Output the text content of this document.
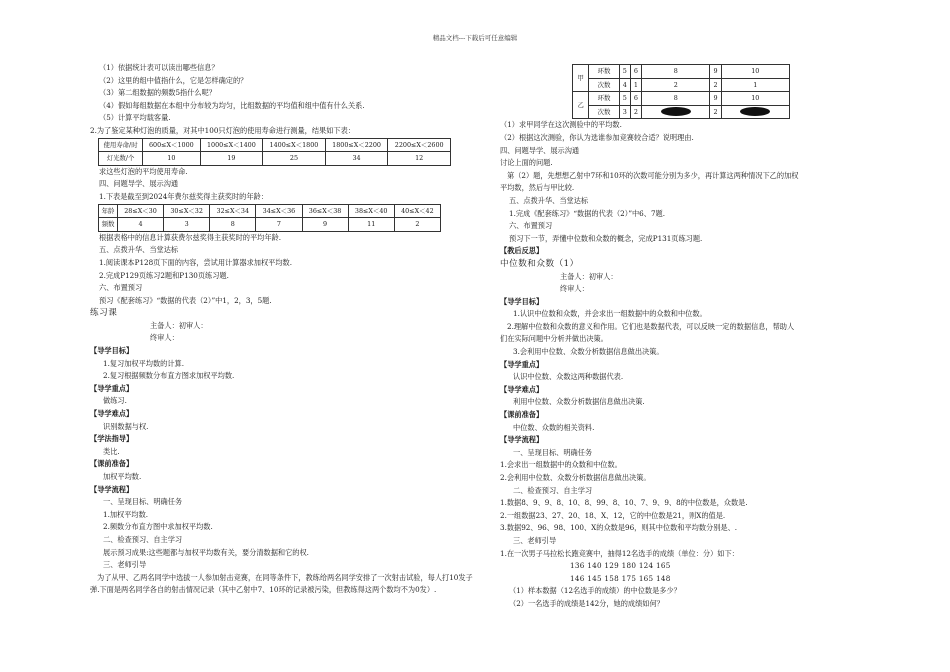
精品文档---下载后可任意编辑

（1）依据统计表可以读出哪些信息？

（2）这里的组中值指什么，它是怎样确定的？

（3）第二组数据的频数5指什么呢？

（4）假如每组数据在本组中分布较为均匀，比组数据的平均值和组中值有什么关系.

（5）计算平均载客量.

2.为了鉴定某种灯泡的质量，对其中100只灯泡的使用寿命进行测量，结果如下表：

使用寿命/时	600≤X＜1000	1000≤X＜1400	1400≤X＜1800	1800≤X＜2200	2200≤X＜2600
灯光数/个	10	19	25	34	12

求这些灯泡的平均使用寿命.

四、问题导学、展示沟通

1.下表是截至到2024年费尔兹奖得主获奖时的年龄：

年龄	28≤X＜30	30≤X＜32	32≤X＜34	34≤X＜36	36≤X＜38	38≤X＜40	40≤X＜42
频数	4	3	8	7	9	11	2

根据表格中的信息计算获费尔兹奖得主获奖时的平均年龄.

五、点拨升华、当堂达标

1.阅读课本P128页下面的内容，尝试用计算器求加权平均数.

2.完成P129页练习2题和P130页练习题.

六、布置预习

预习《配套练习》“数据的代表（2）”中1，2，3，5题.

练习课

主备人：初审人：

终审人：

【导学目标】

1.复习加权平均数的计算.

2.复习根据频数分布直方图求加权平均数.

【导学重点】

做练习.

【导学难点】

识别数据与权.

【学法指导】

类比.

【课前准备】

加权平均数.

【导学流程】

一、呈现目标、明确任务

1.加权平均数.

2.频数分布直方图中求加权平均数.

二、检查预习、自主学习

展示预习成果:这些题都与加权平均数有关，要分清数据和它的权.

三、老师引导

为了从甲、乙两名同学中选拔一人参加射击竞赛，在同等条件下，教练给两名同学安排了一次射击试验，每人打10发子弹.下面是两名同学各自的射击情况记录（其中乙射中7、10环的记录被污染，但教练得这两个数均不为0发）.

甲	环数	5	6	8	9	10
	次数	4	1	2	2	1
乙	环数	5	6	8	9	10
	次数	3	2		2	

（1）求甲同学在这次测验中的平均数.

（2）根据这次测验，你认为选谁参加竞赛较合适？说明理由.

四、问题导学、展示沟通

讨论上面的问题.

第（2）题，先想想乙射中7环和10环的次数可能分别为多少，再计算这两种情况下乙的加权平均数，然后与甲比较.

五、点拨升华、当堂达标

1.完成《配套练习》“数据的代表（2）”中6、7题.

六、布置预习

预习下一节，弄懂中位数和众数的概念，完成P131页练习题.

【教后反思】

中位数和众数（1）

主备人：初审人：

终审人：

【导学目标】

1.认识中位数和众数，并会求出一组数据中的众数和中位数。

2.理解中位数和众数的意义和作用。它们也是数据代表，可以反映一定的数据信息，帮助人们在实际问题中分析并做出决策。

3.会利用中位数、众数分析数据信息做出决策。

【导学重点】

认识中位数、众数这两种数据代表.

【导学难点】

利用中位数、众数分析数据信息做出决策.

【课前准备】

中位数、众数的相关资料.

【导学流程】

一、呈现目标、明确任务

1.会求出一组数据中的众数和中位数。

2.会利用中位数、众数分析数据信息做出决策。

二、检查预习、自主学习

1.数据8、9、9、8、10、8、99、8、10、7、9、9、8的中位数是，众数是.

2.一组数据23、27、20、18、X、12，它的中位数是21，则X的值是.

3.数据92、96、98、100、X的众数是96，则其中位数和平均数分别是、.

三、老师引导

1.在一次男子马拉松长跑竞赛中，抽得12名选手的成绩（单位：分）如下：

136 140 129 180 124 165

146 145 158 175 165 148

（1）样本数据（12名选手的成绩）的中位数是多少？

（2）一名选手的成绩是142分，她的成绩如何？
